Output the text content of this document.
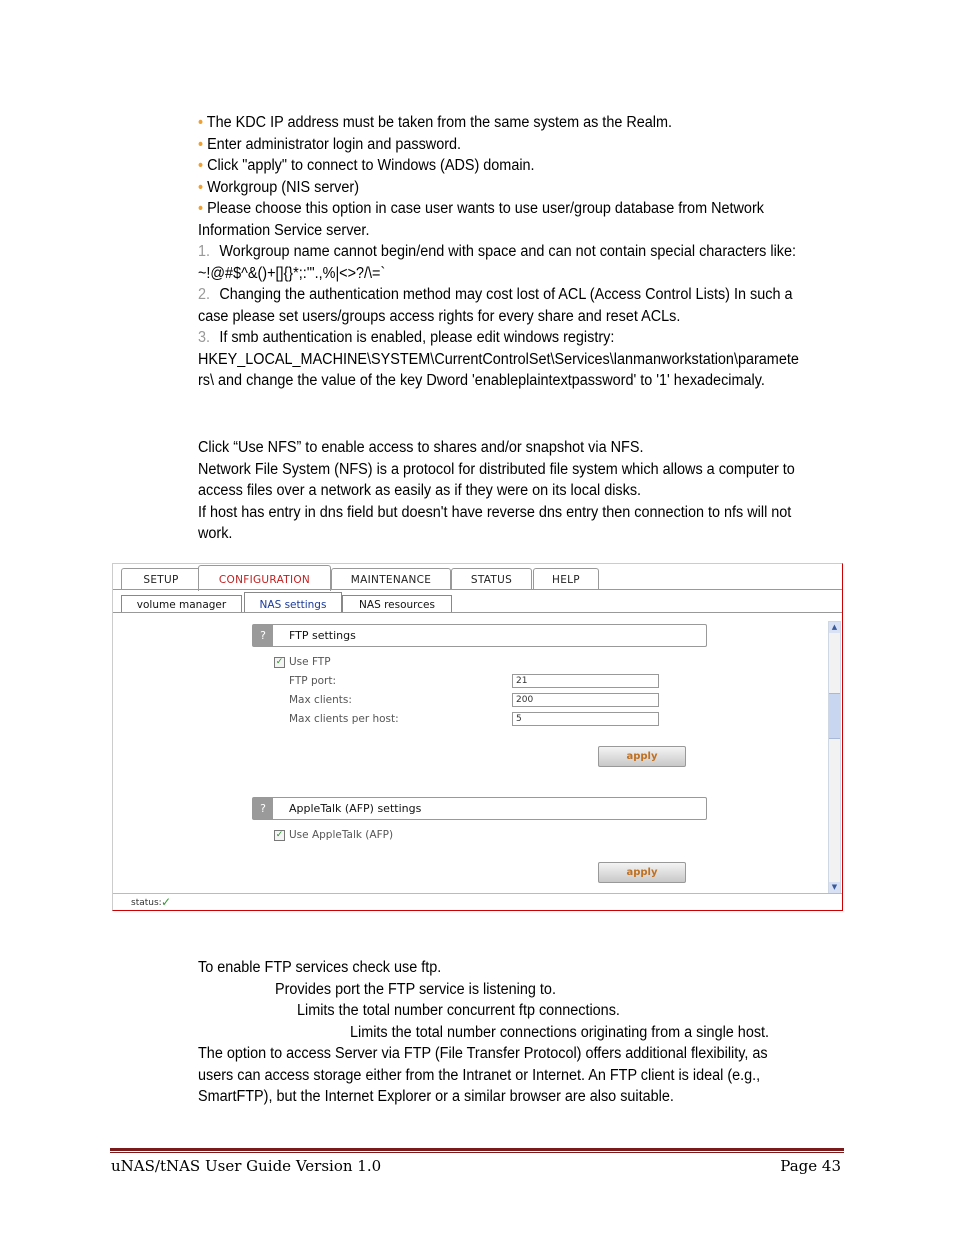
• The KDC IP address must be taken from the same system as the Realm.
• Enter administrator login and password.
• Click "apply" to connect to Windows (ADS) domain.
• Workgroup (NIS server)
• Please choose this option in case user wants to use user/group database from Network
Information Service server.
1. Workgroup name cannot begin/end with space and can not contain special characters like:
~!@#$^&()+[]{}*;:'".,%|<>?/\=`
2. Changing the authentication method may cost lost of ACL (Access Control Lists) In such a
case please set users/groups access rights for every share and reset ACLs.
3. If smb authentication is enabled, please edit windows registry:
HKEY_LOCAL_MACHINE\SYSTEM\CurrentControlSet\Services\lanmanworkstation\paramete
rs\ and change the value of the key Dword 'enableplaintextpassword' to '1' hexadecimaly.
Click “Use NFS” to enable access to shares and/or snapshot via NFS.
Network File System (NFS) is a protocol for distributed file system which allows a computer to
access files over a network as easily as if they were on its local disks.
If host has entry in dns field but doesn't have reverse dns entry then connection to nfs will not
work.
SETUP	CONFIGURATION	MAINTENANCE	STATUS	HELP
volume manager	NAS settings	NAS resources
?	FTP settings
✓ Use FTP
FTP port:	21
Max clients:	200
Max clients per host:	5
apply
?	AppleTalk (AFP) settings
✓ Use AppleTalk (AFP)
apply
▲
▼
status: ✓
To enable FTP services check use ftp.
Provides port the FTP service is listening to.
Limits the total number concurrent ftp connections.
Limits the total number connections originating from a single host.
The option to access Server via FTP (File Transfer Protocol) offers additional flexibility, as
users can access storage either from the Intranet or Internet. An FTP client is ideal (e.g.,
SmartFTP), but the Internet Explorer or a similar browser are also suitable.
uNAS/tNAS User Guide Version 1.0	Page 43
